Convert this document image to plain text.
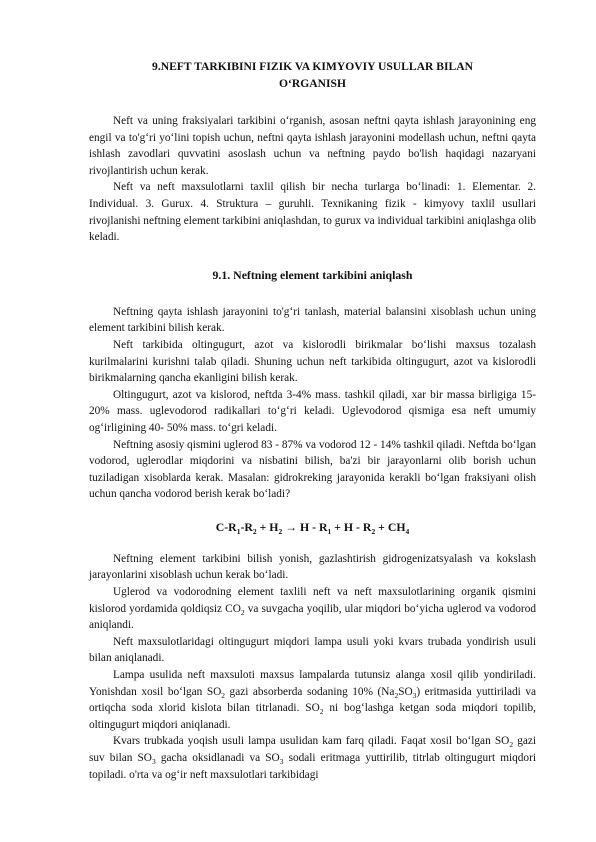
9.NEFT TARKIBINI FIZIK VA KIMYOVIY USULLAR BILAN
O‘RGANISH

Neft va uning fraksiyalari tarkibini o‘rganish, asosan neftni qayta ishlash jarayonining eng engil va tо'g‘ri yo‘lini topish uchun, neftni qayta ishlash jarayonini modellash uchun, neftni qayta ishlash zavodlari quvvatini asoslash uchun va neftning paydo bо'lish haqidagi nazaryani rivojlantirish uchun kerak.

Neft va neft maxsulotlarni taxlil qilish bir necha turlarga bo‘linadi: 1. Elementar. 2. Individual. 3. Gurux. 4. Struktura – guruhli. Texnikaning fizik - kimyovy taxlil usullari rivojlanishi neftning element tarkibini aniqlashdan, to gurux va individual tarkibini aniqlashga olib keladi.

9.1. Neftning element tarkibini aniqlash

Neftning qayta ishlash jarayonini tо'g‘ri tanlash, material balansini xisoblash uchun uning element tarkibini bilish kerak.

Neft tarkibida oltingugurt, azot va kislorodli birikmalar bo‘lishi maxsus tozalash kurilmalarini kurishni talab qiladi. Shuning uchun neft tarkibida oltingugurt, azot va kislorodli birikmalarning qancha ekanligini bilish kerak.

Oltingugurt, azot va kislorod, neftda 3-4% mass. tashkil qiladi, xar bir massa birligiga 15-20% mass. uglevodorod radikallari to‘g‘ri keladi. Uglevodorod qismiga esa neft umumiy og‘irligining 40- 50% mass. to‘gri keladi.

Neftning asosiy qismini uglerod 83 - 87% va vodorod 12 - 14% tashkil qiladi. Neftda bo‘lgan vodorod, uglerodlar miqdorini va nisbatini bilish, ba'zi bir jarayonlarni olib borish uchun tuziladigan xisoblarda kerak. Masalan: gidrokreking jarayonida kerakli bo‘lgan fraksiyani olish uchun qancha vodorod berish kerak bo‘ladi?

$C-R_1-R_2 + H_2 \to H - R_1 + H - R_2 + CH_4$

Neftning element tarkibini bilish yonish, gazlashtirish gidrogenizatsyalash va kokslash jarayonlarini xisoblash uchun kerak bo‘ladi.

Uglerod va vodorodning element taxlili neft va neft maxsulotlarining organik qismini kislorod yordamida qoldiqsiz $CO_2$ va suvgacha yoqilib, ular miqdori bo‘yicha uglerod va vodorod aniqlandi.

Neft maxsulotlaridagi oltingugurt miqdori lampa usuli yoki kvars trubada yondirish usuli bilan aniqlanadi.

Lampa usulida neft maxsuloti maxsus lampalarda tutunsiz alanga xosil qilib yondiriladi. Yonishdan xosil bo‘lgan $SO_2$ gazi absorberda sodaning 10% $(Na_2SO_3)$ eritmasida yuttiriladi va ortiqcha soda xlorid kislota bilan titrlanadi. $SO_2$ ni bog‘lashga ketgan soda miqdori topilib, oltingugurt miqdori aniqlanadi.

Kvars trubkada yoqish usuli lampa usulidan kam farq qiladi. Faqat xosil bo‘lgan $SO_2$ gazi suv bilan $SO_3$ gacha oksidlanadi va $SO_3$ sodali eritmaga yuttirilib, titrlab oltingugurt miqdori topiladi. о'rta va og‘ir neft maxsulotlari tarkibidagi
